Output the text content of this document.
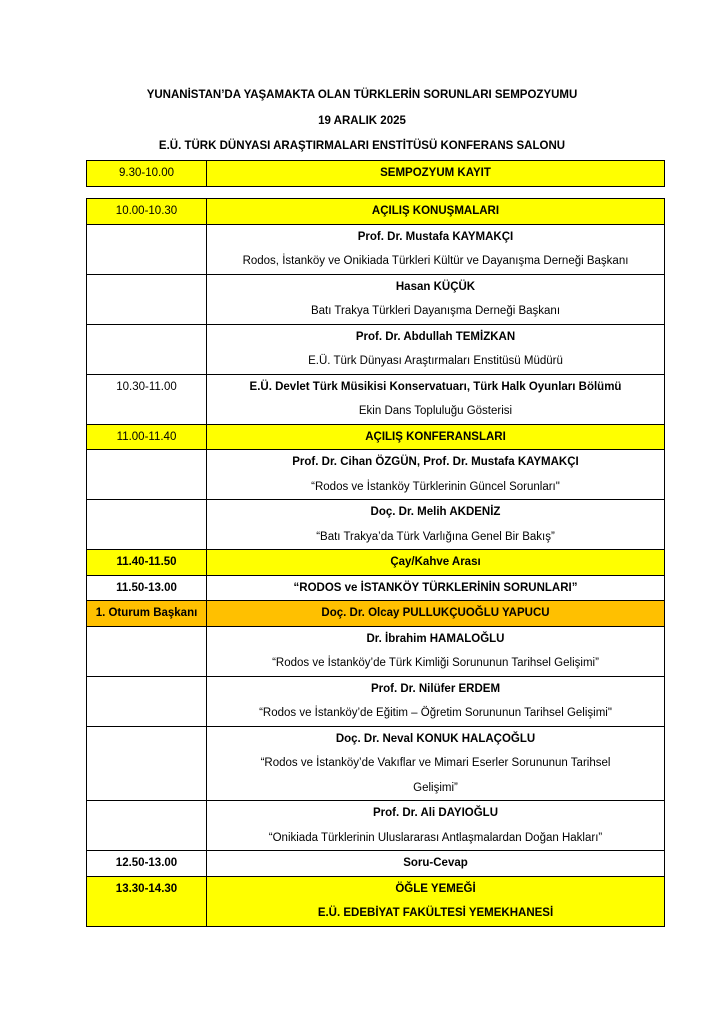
YUNANİSTAN’DA YAŞAMAKTA OLAN TÜRKLERİN SORUNLARI SEMPOZYUMU
19 ARALIK 2025
E.Ü. TÜRK DÜNYASI ARAŞTIRMALARI ENSTİTÜSÜ KONFERANS SALONU
9.30-10.00	SEMPOZYUM KAYIT
10.00-10.30	AÇILIŞ KONUŞMALARI

	Prof. Dr. Mustafa KAYMAKÇI
Rodos, İstanköy ve Onikiada Türkleri Kültür ve Dayanışma Derneği Başkanı

	Hasan KÜÇÜK
Batı Trakya Türkleri Dayanışma Derneği Başkanı

	Prof. Dr. Abdullah TEMİZKAN
E.Ü. Türk Dünyası Araştırmaları Enstitüsü Müdürü

10.30-11.00	E.Ü. Devlet Türk Müsikisi Konservatuarı, Türk Halk Oyunları Bölümü
Ekin Dans Topluluğu Gösterisi

11.00-11.40	AÇILIŞ KONFERANSLARI

	Prof. Dr. Cihan ÖZGÜN, Prof. Dr. Mustafa KAYMAKÇI
“Rodos ve İstanköy Türklerinin Güncel Sorunları"

	Doç. Dr. Melih AKDENİZ
“Batı Trakya’da Türk Varlığına Genel Bir Bakış”

11.40-11.50	Çay/Kahve Arası
11.50-13.00	“RODOS ve İSTANKÖY TÜRKLERİNİN SORUNLARI”
1. Oturum Başkanı	Doç. Dr. Olcay PULLUKÇUOĞLU YAPUCU

	Dr. İbrahim HAMALOĞLU
“Rodos ve İstanköy’de Türk Kimliği Sorununun Tarihsel Gelişimi”

	Prof. Dr. Nilüfer ERDEM
“Rodos ve İstanköy’de Eğitim – Öğretim Sorununun Tarihsel Gelişimi"

	Doç. Dr. Neval KONUK HALAÇOĞLU
“Rodos ve İstanköy’de Vakıflar ve Mimari Eserler Sorununun Tarihsel
Gelişimi”

	Prof. Dr. Ali DAYIOĞLU
“Onikiada Türklerinin Uluslararası Antlaşmalardan Doğan Hakları”

12.50-13.00	Soru-Cevap
13.30-14.30	ÖĞLE YEMEĞİ
E.Ü. EDEBİYAT FAKÜLTESİ YEMEKHANESİ
